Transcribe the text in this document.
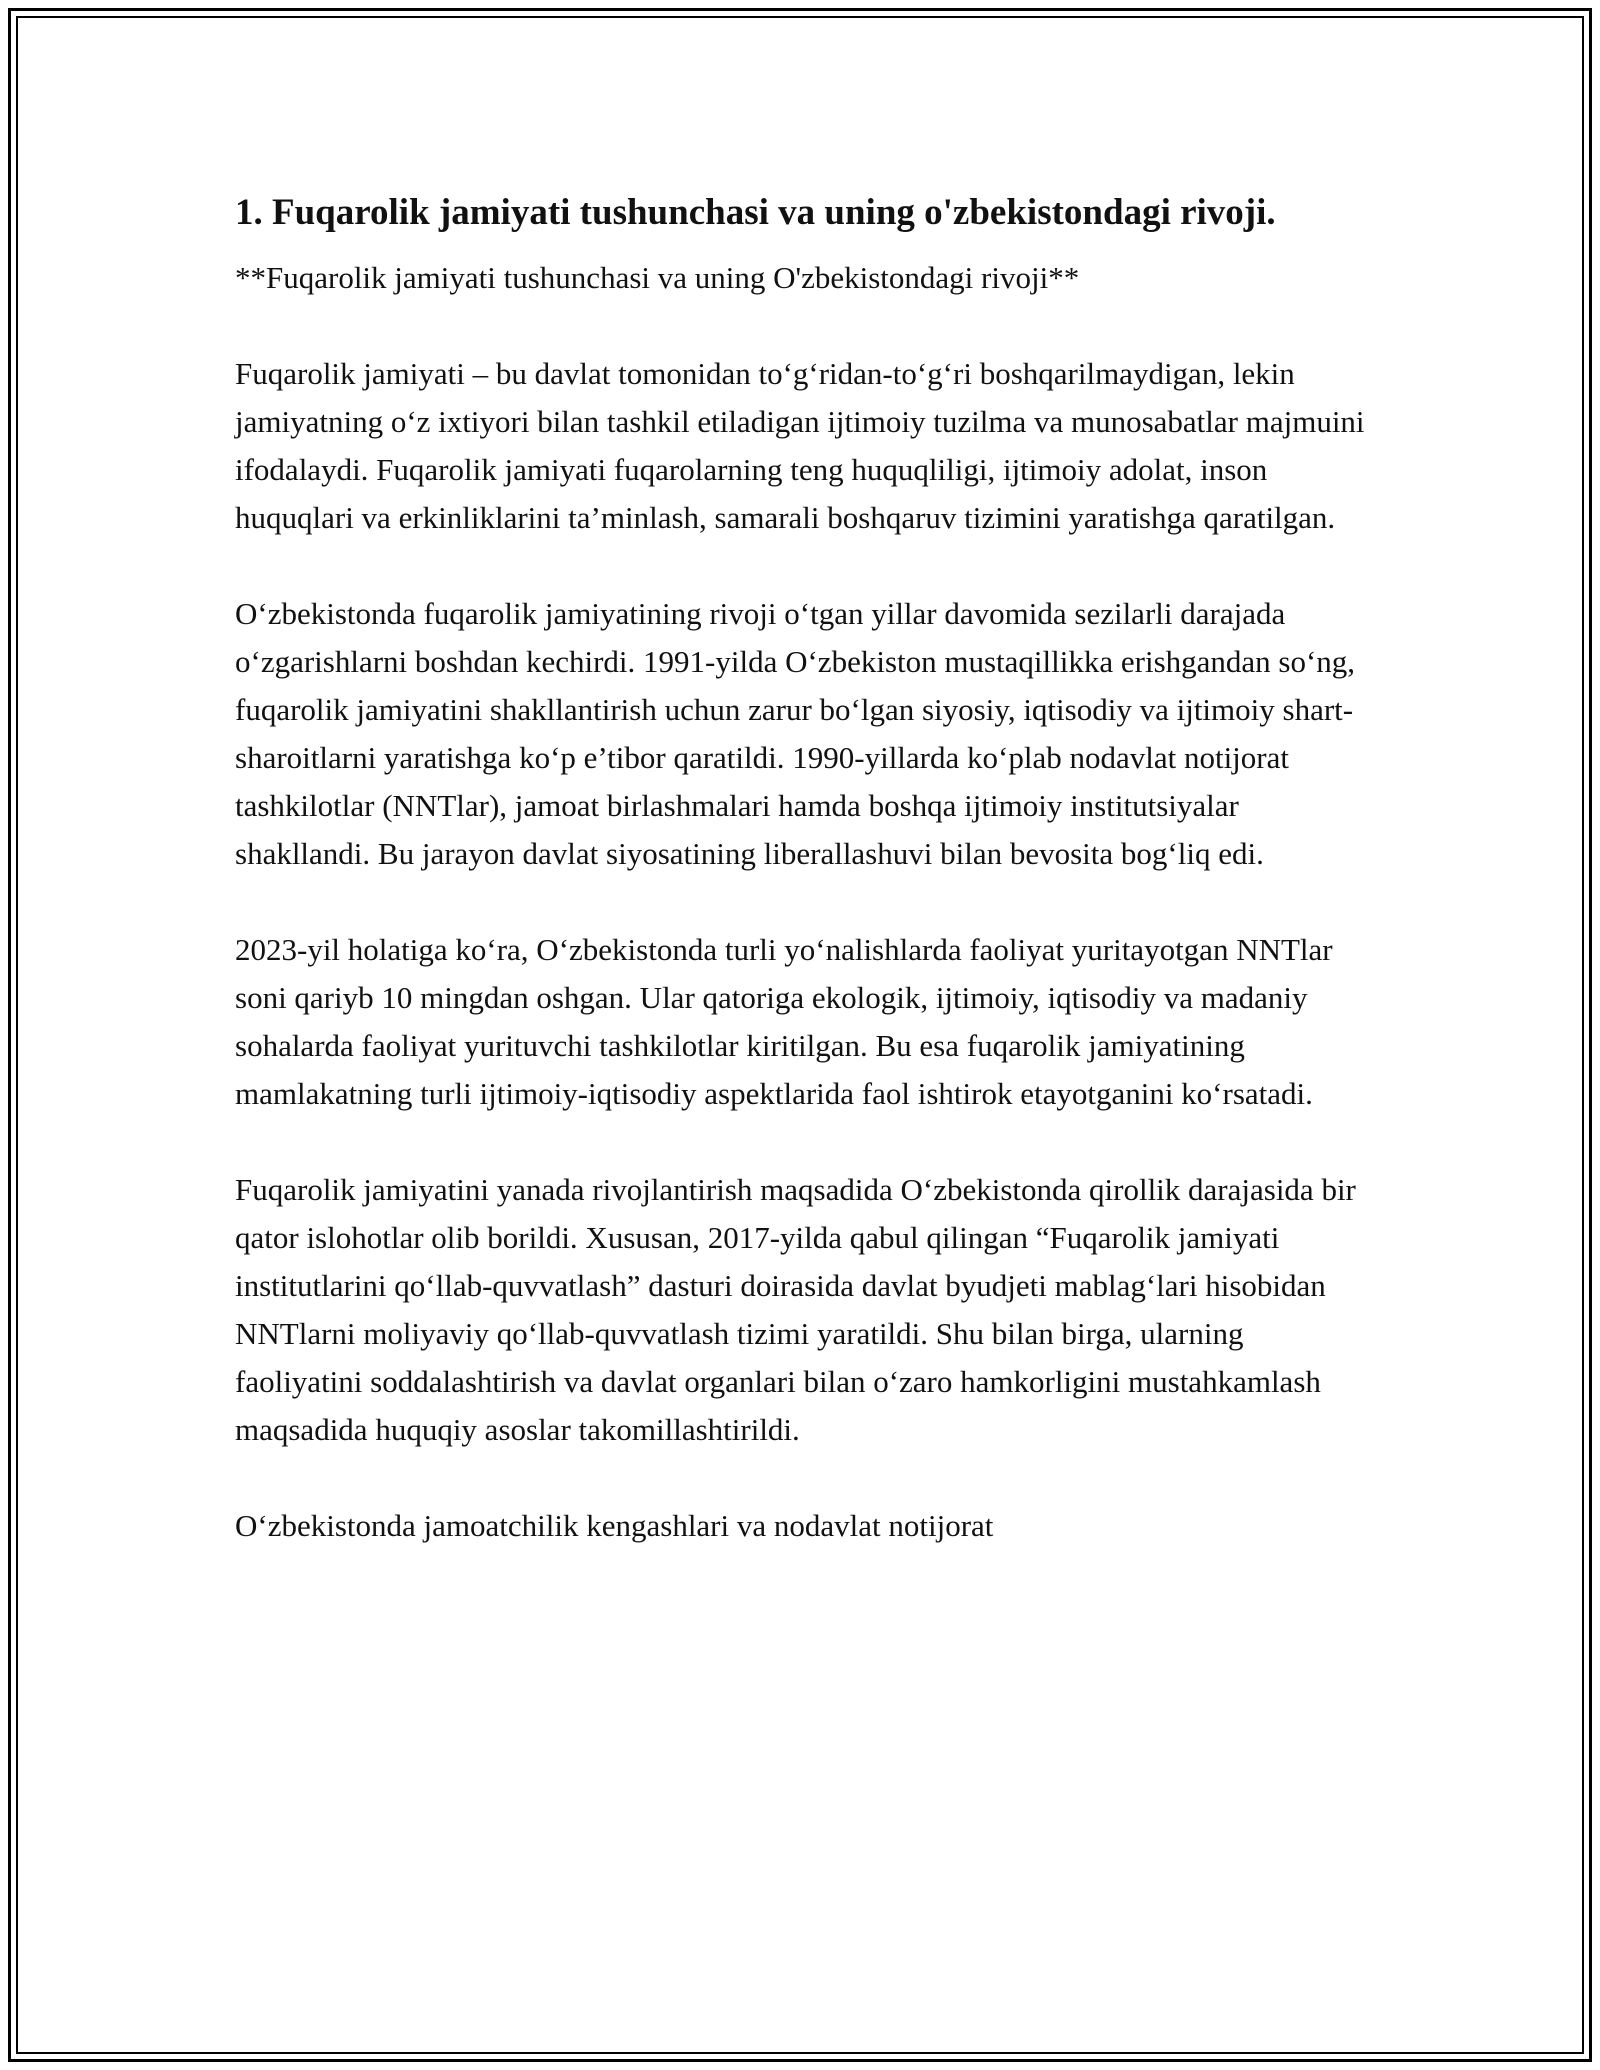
1. Fuqarolik jamiyati tushunchasi va uning o'zbekistondagi rivoji.

**Fuqarolik jamiyati tushunchasi va uning O'zbekistondagi rivoji**

Fuqarolik jamiyati – bu davlat tomonidan to‘g‘ridan-to‘g‘ri boshqarilmaydigan, lekin jamiyatning o‘z ixtiyori bilan tashkil etiladigan ijtimoiy tuzilma va munosabatlar majmuini ifodalaydi. Fuqarolik jamiyati fuqarolarning teng huquqliligi, ijtimoiy adolat, inson huquqlari va erkinliklarini ta’minlash, samarali boshqaruv tizimini yaratishga qaratilgan.

O‘zbekistonda fuqarolik jamiyatining rivoji o‘tgan yillar davomida sezilarli darajada o‘zgarishlarni boshdan kechirdi. 1991-yilda O‘zbekiston mustaqillikka erishgandan so‘ng, fuqarolik jamiyatini shakllantirish uchun zarur bo‘lgan siyosiy, iqtisodiy va ijtimoiy shart-sharoitlarni yaratishga ko‘p e’tibor qaratildi. 1990-yillarda ko‘plab nodavlat notijorat tashkilotlar (NNTlar), jamoat birlashmalari hamda boshqa ijtimoiy institutsiyalar shakllandi. Bu jarayon davlat siyosatining liberallashuvi bilan bevosita bog‘liq edi.

2023-yil holatiga ko‘ra, O‘zbekistonda turli yo‘nalishlarda faoliyat yuritayotgan NNTlar soni qariyb 10 mingdan oshgan. Ular qatoriga ekologik, ijtimoiy, iqtisodiy va madaniy sohalarda faoliyat yurituvchi tashkilotlar kiritilgan. Bu esa fuqarolik jamiyatining mamlakatning turli ijtimoiy-iqtisodiy aspektlarida faol ishtirok etayotganini ko‘rsatadi.

Fuqarolik jamiyatini yanada rivojlantirish maqsadida O‘zbekistonda qirollik darajasida bir qator islohotlar olib borildi. Xususan, 2017-yilda qabul qilingan “Fuqarolik jamiyati institutlarini qo‘llab-quvvatlash” dasturi doirasida davlat byudjeti mablag‘lari hisobidan NNTlarni moliyaviy qo‘llab-quvvatlash tizimi yaratildi. Shu bilan birga, ularning faoliyatini soddalashtirish va davlat organlari bilan o‘zaro hamkorligini mustahkamlash maqsadida huquqiy asoslar takomillashtirildi.

O‘zbekistonda jamoatchilik kengashlari va nodavlat notijorat
